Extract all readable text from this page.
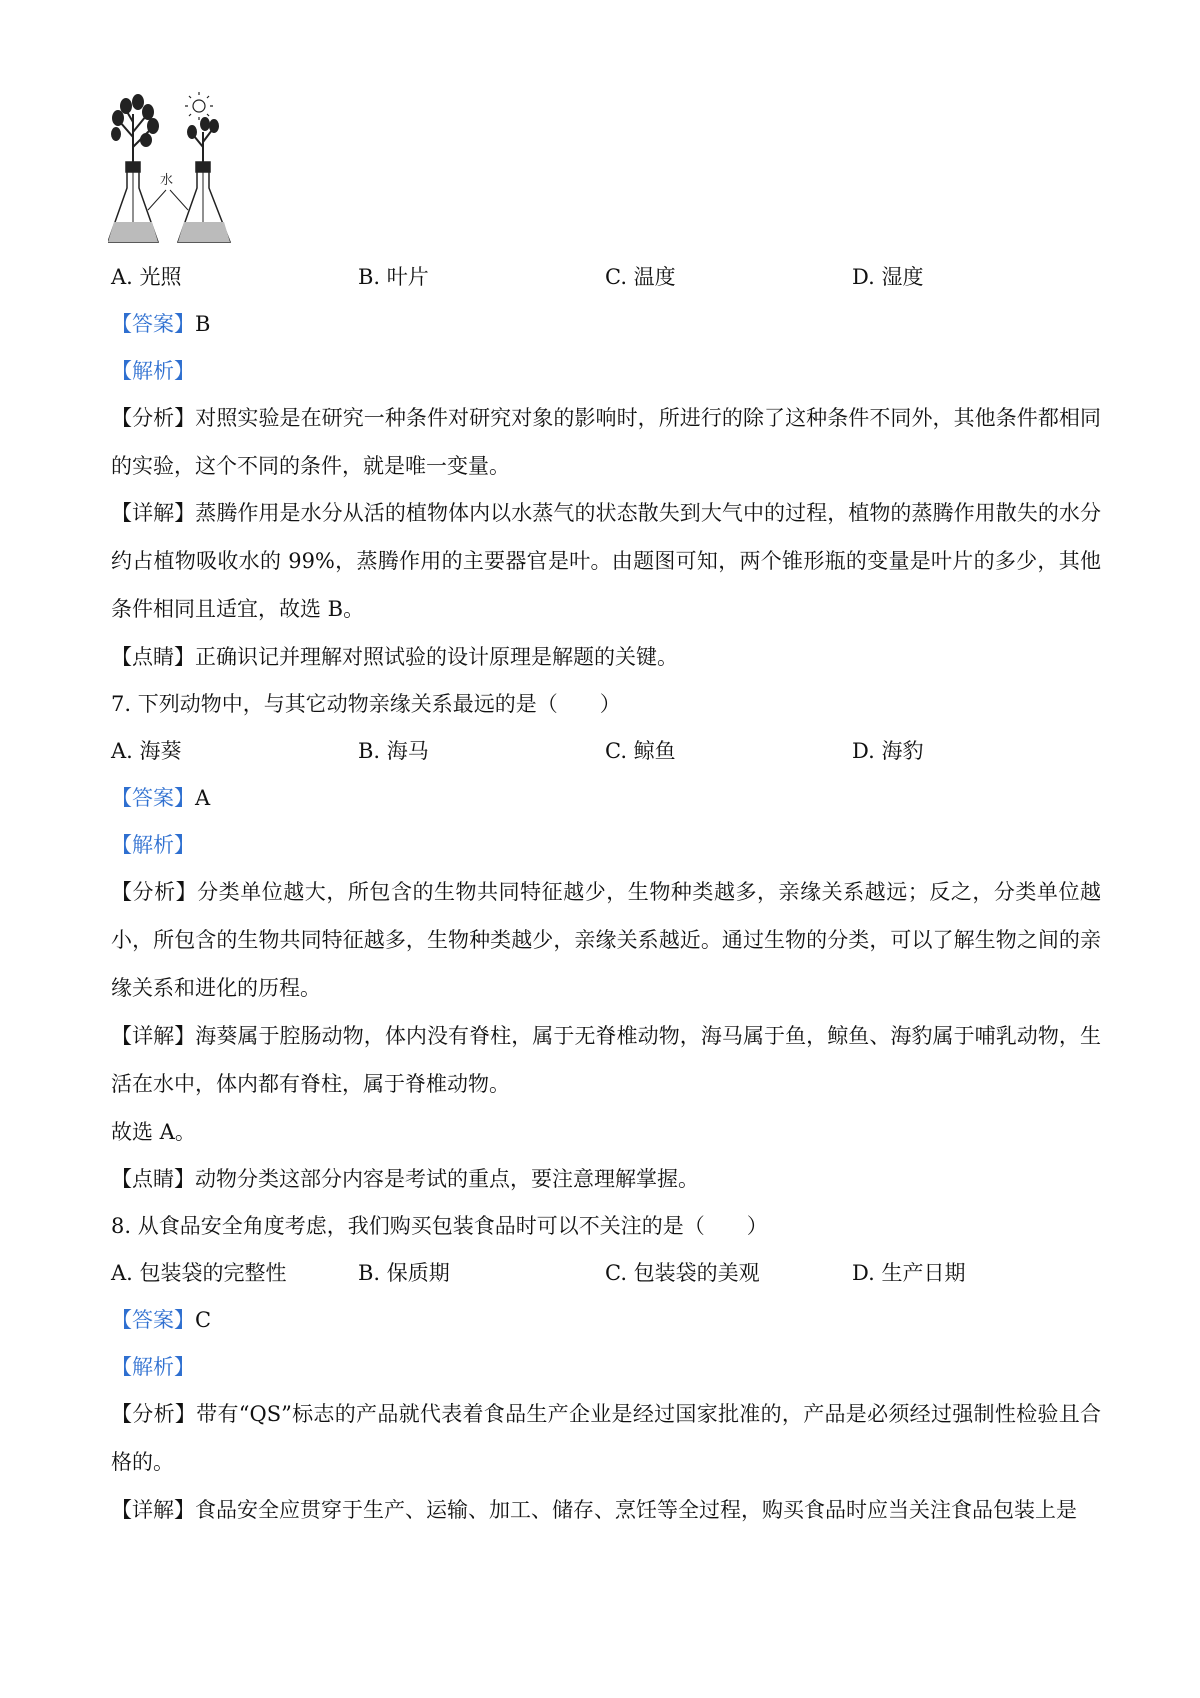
水
A. 光照	B. 叶片	C. 温度	D. 湿度
【答案】B
【解析】
【分析】对照实验是在研究一种条件对研究对象的影响时，所进行的除了这种条件不同外，其他条件都相同的实验，这个不同的条件，就是唯一变量。
【详解】蒸腾作用是水分从活的植物体内以水蒸气的状态散失到大气中的过程，植物的蒸腾作用散失的水分约占植物吸收水的 99%，蒸腾作用的主要器官是叶。由题图可知，两个锥形瓶的变量是叶片的多少，其他条件相同且适宜，故选 B。
【点睛】正确识记并理解对照试验的设计原理是解题的关键。
7. 下列动物中，与其它动物亲缘关系最远的是（　　）
A. 海葵	B. 海马	C. 鲸鱼	D. 海豹
【答案】A
【解析】
【分析】分类单位越大，所包含的生物共同特征越少，生物种类越多，亲缘关系越远；反之，分类单位越小，所包含的生物共同特征越多，生物种类越少，亲缘关系越近。通过生物的分类，可以了解生物之间的亲缘关系和进化的历程。
【详解】海葵属于腔肠动物，体内没有脊柱，属于无脊椎动物，海马属于鱼，鲸鱼、海豹属于哺乳动物，生活在水中，体内都有脊柱，属于脊椎动物。
故选 A。
【点睛】动物分类这部分内容是考试的重点，要注意理解掌握。
8. 从食品安全角度考虑，我们购买包装食品时可以不关注的是（　　）
A. 包装袋的完整性	B. 保质期	C. 包装袋的美观	D. 生产日期
【答案】C
【解析】
【分析】带有“QS”标志的产品就代表着食品生产企业是经过国家批准的，产品是必须经过强制性检验且合格的。
【详解】食品安全应贯穿于生产、运输、加工、储存、烹饪等全过程，购买食品时应当关注食品包装上是
